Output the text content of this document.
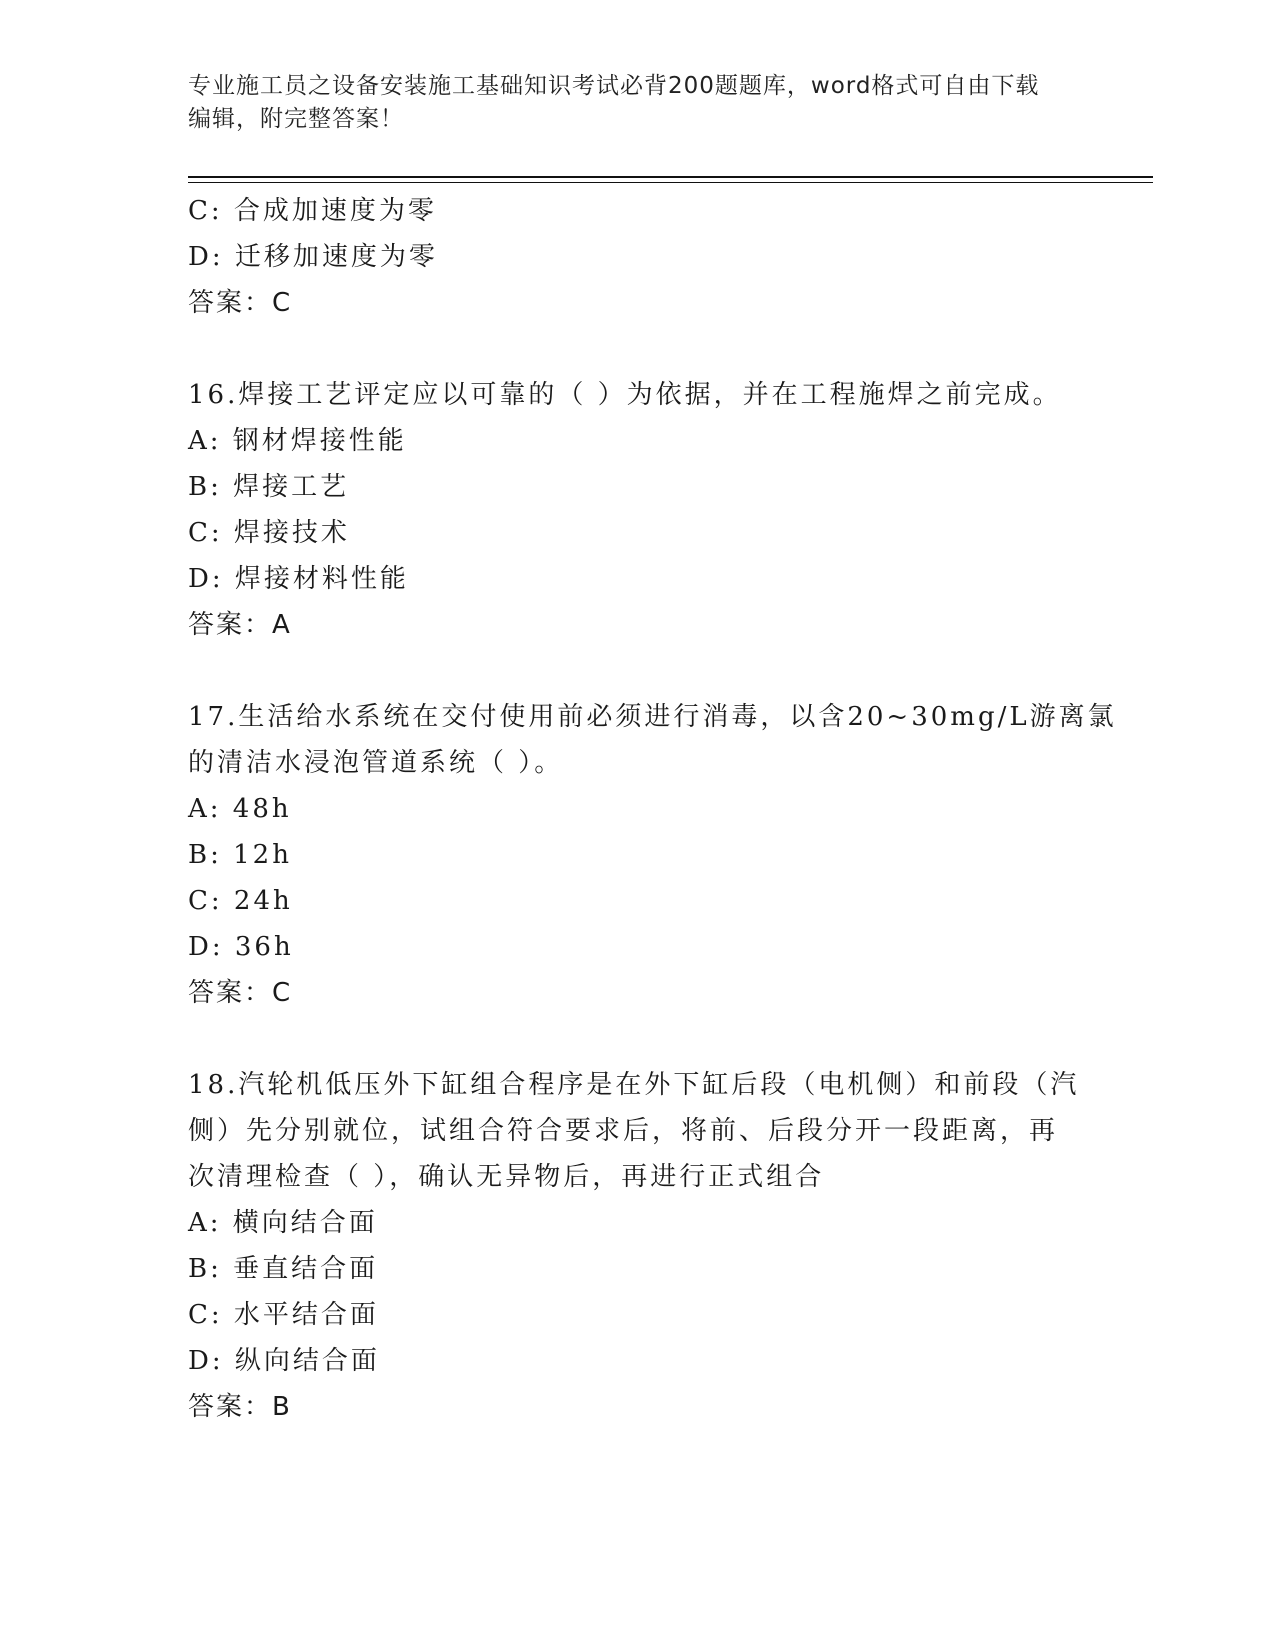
专业施工员之设备安装施工基础知识考试必背200题题库，word格式可自由下载
编辑，附完整答案！
C: 合成加速度为零
D: 迁移加速度为零
答案：C
16.焊接工艺评定应以可靠的（ ）为依据，并在工程施焊之前完成。
A: 钢材焊接性能
B: 焊接工艺
C: 焊接技术
D: 焊接材料性能
答案：A
17.生活给水系统在交付使用前必须进行消毒，以含20~30mg/L游离氯
的清洁水浸泡管道系统（ ）。
A: 48h
B: 12h
C: 24h
D: 36h
答案：C
18.汽轮机低压外下缸组合程序是在外下缸后段（电机侧）和前段（汽
侧）先分别就位，试组合符合要求后，将前、后段分开一段距离，再
次清理检查（ ），确认无异物后，再进行正式组合
A: 横向结合面
B: 垂直结合面
C: 水平结合面
D: 纵向结合面
答案：B
